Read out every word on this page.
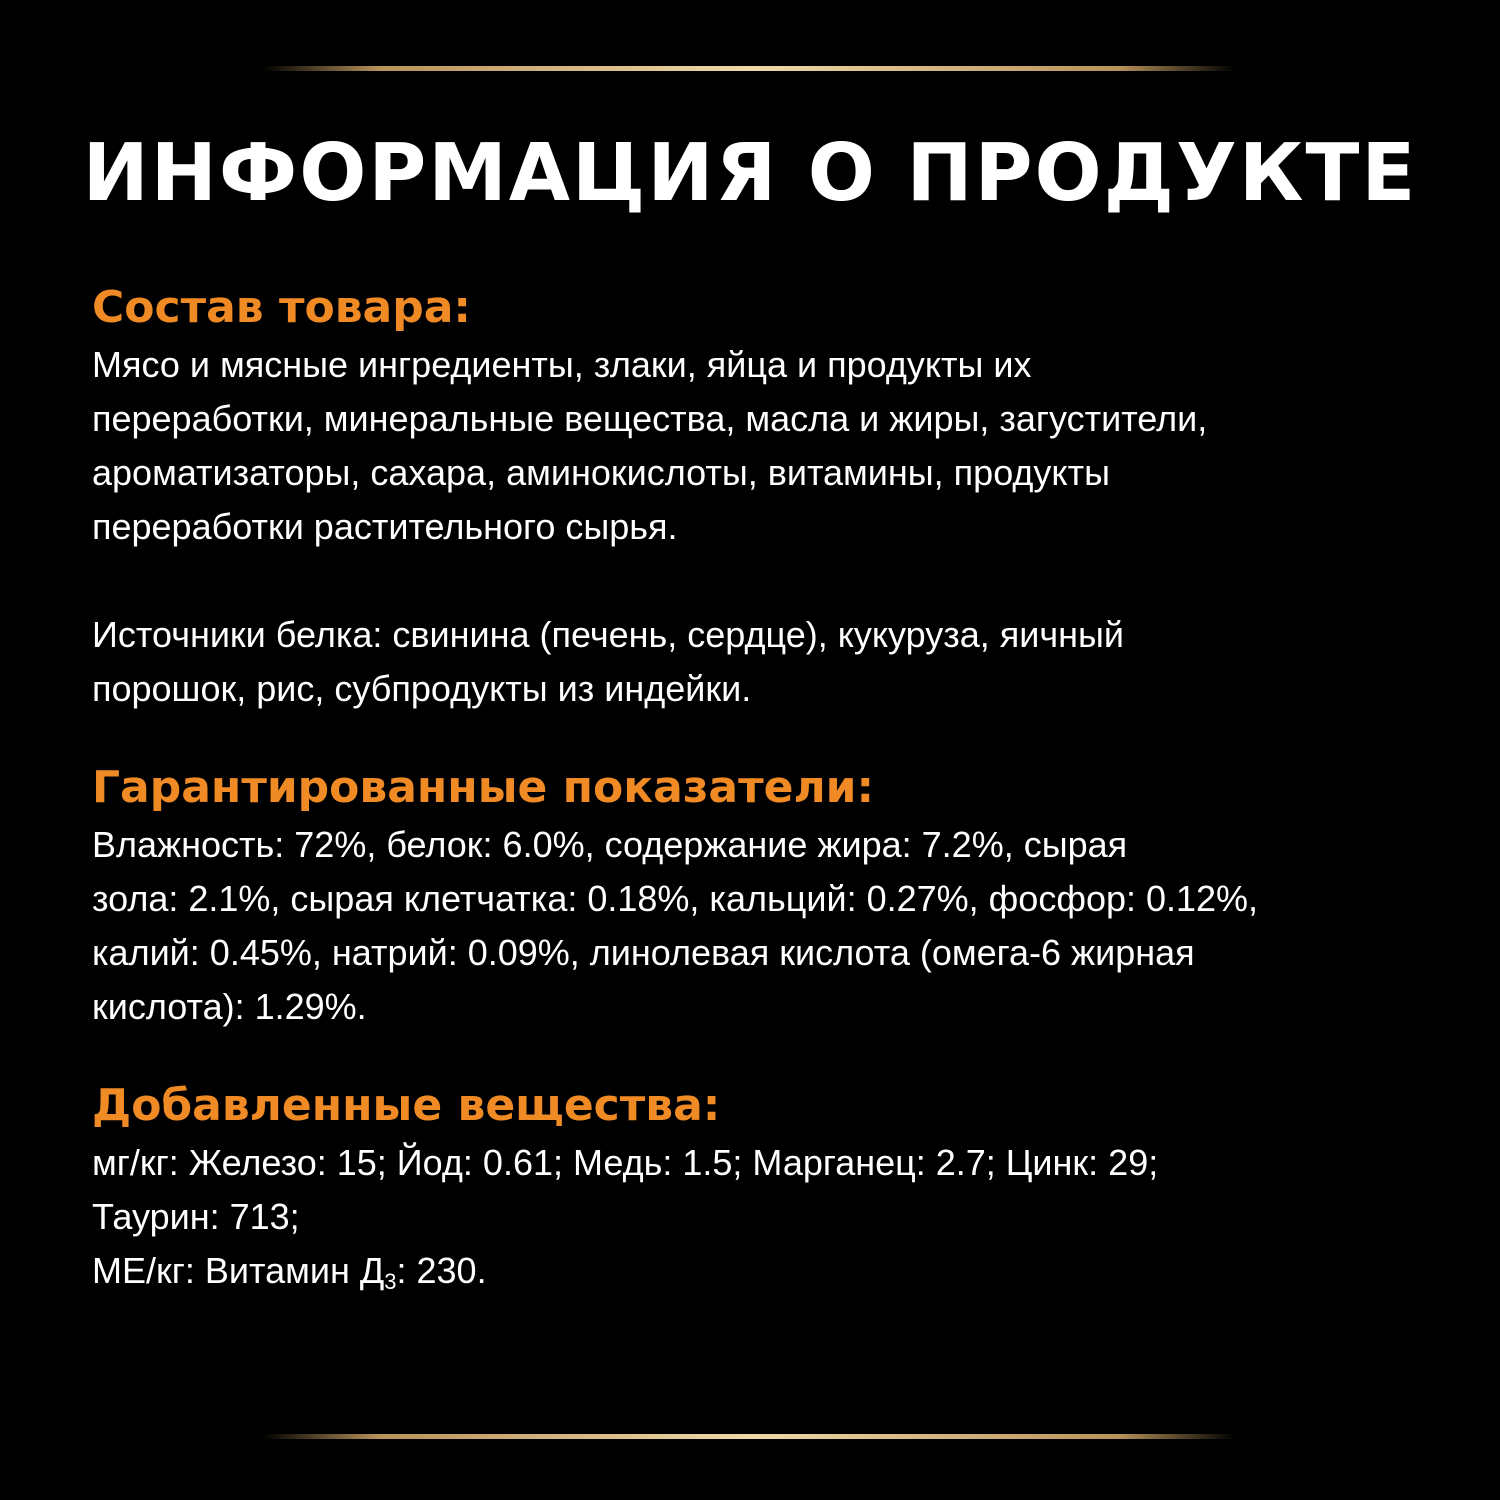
ИНФОРМАЦИЯ О ПРОДУКТЕ
Состав товара:

Мясо и мясные ингредиенты, злаки, яйца и продукты их

переработки, минеральные вещества, масла и жиры, загустители,

ароматизаторы, сахара, аминокислоты, витамины, продукты

переработки растительного сырья.

Источники белка: свинина (печень, сердце), кукуруза, яичный

порошок, рис, субпродукты из индейки.

Гарантированные показатели:

Влажность: 72%, белок: 6.0%, содержание жира: 7.2%, сырая

зола: 2.1%, сырая клетчатка: 0.18%, кальций: 0.27%, фосфор: 0.12%,

калий: 0.45%, натрий: 0.09%, линолевая кислота (омега-6 жирная

кислота): 1.29%.

Добавленные вещества:

мг/кг: Железо: 15; Йод: 0.61; Медь: 1.5; Марганец: 2.7; Цинк: 29;

Таурин: 713;

МЕ/кг: Витамин $Д_3$: 230.
